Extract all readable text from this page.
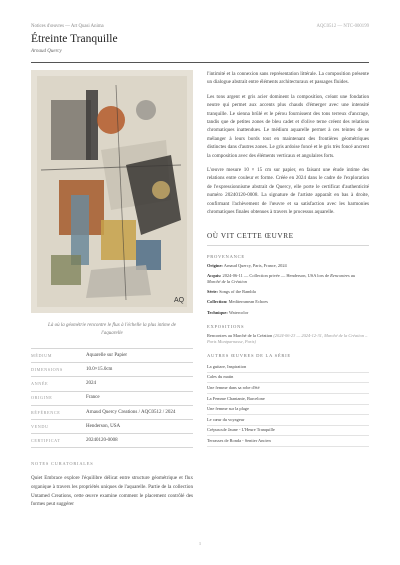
Notices d'œuvres — Art Quasi Anima	AQC0512 — NTC-000199
Étreinte Tranquille
Arnaud Quercy
AQ
Là où la géométrie rencontre le flux à l'échelle la plus intime de l'aquarelle
MÉDIUM	Aquarelle sur Papier
DIMENSIONS	10.0×15.0cm
ANNÉE	2024
ORIGINE	France
RÉFÉRENCE	Arnaud Quercy Creations / AQC0512 / 2024
VENDU	Henderson, USA
CERTIFICAT	20240120-0008
NOTES CURATORIALES
Quiet Embrace explore l'équilibre délicat entre structure géométrique et flux organique à travers les propriétés uniques de l'aquarelle. Partie de la collection Untamed Creations, cette œuvre examine comment le placement contrôlé des formes peut suggérer

l'intimité et la connexion sans représentation littérale. La composition présente un dialogue abstrait entre éléments architecturaux et passages fluides.

Les tons argent et gris acier dominent la composition, créant une fondation neutre qui permet aux accents plus chauds d'émerger avec une intensité tranquille. Le sienna brûlé et le pérou fournissent des tons terreux d'ancrage, tandis que de petites zones de bleu cadet et d'olive terne créent des relations chromatiques inattendues. Le médium aquarelle permet à ces teintes de se mélanger à leurs bords tout en maintenant des frontières géométriques distinctes dans d'autres zones. Le gris ardoise foncé et le gris très foncé ancrent la composition avec des éléments verticaux et angulaires forts.

L'œuvre mesure 10 × 15 cm sur papier, en faisant une étude intime des relations entre couleur et forme. Créée en 2024 dans le cadre de l'exploration de l'expressionnisme abstrait de Quercy, elle porte le certificat d'authenticité numéro 20240120-0008. La signature de l'artiste apparaît en bas à droite, confirmant l'achèvement de l'œuvre et sa satisfaction avec les harmonies chromatiques finales obtenues à travers le processus aquarelle.

OÙ VIT CETTE ŒUVRE
PROVENANCE
Origine: Arnaud Quercy, Paris, France, 2024
Acquis: 2024-06-11 — Collection privée — Henderson, USA lors de Rencontres au Marché de la Création
Série: Songs of the Rambla
Collection: Mediterranean Echoes
Technique: Watercolor
EXPOSITIONS
Rencontres au Marché de la Création (2024-06-23 — 2024-12-31, Marché de la Création – Paris Montparnasse, Paris)
AUTRES ŒUVRES DE LA SÉRIE
La guitare, Inspiration
Cales du matin
Une femme dans sa robe d'été
La Femme Chantante, Barcelone
Une femme sur la plage
Le cœur du voyageur
Crépuscule Jaune - L'Heure Tranquille
Terrasses de Ronda - Sentier Ancien
1
